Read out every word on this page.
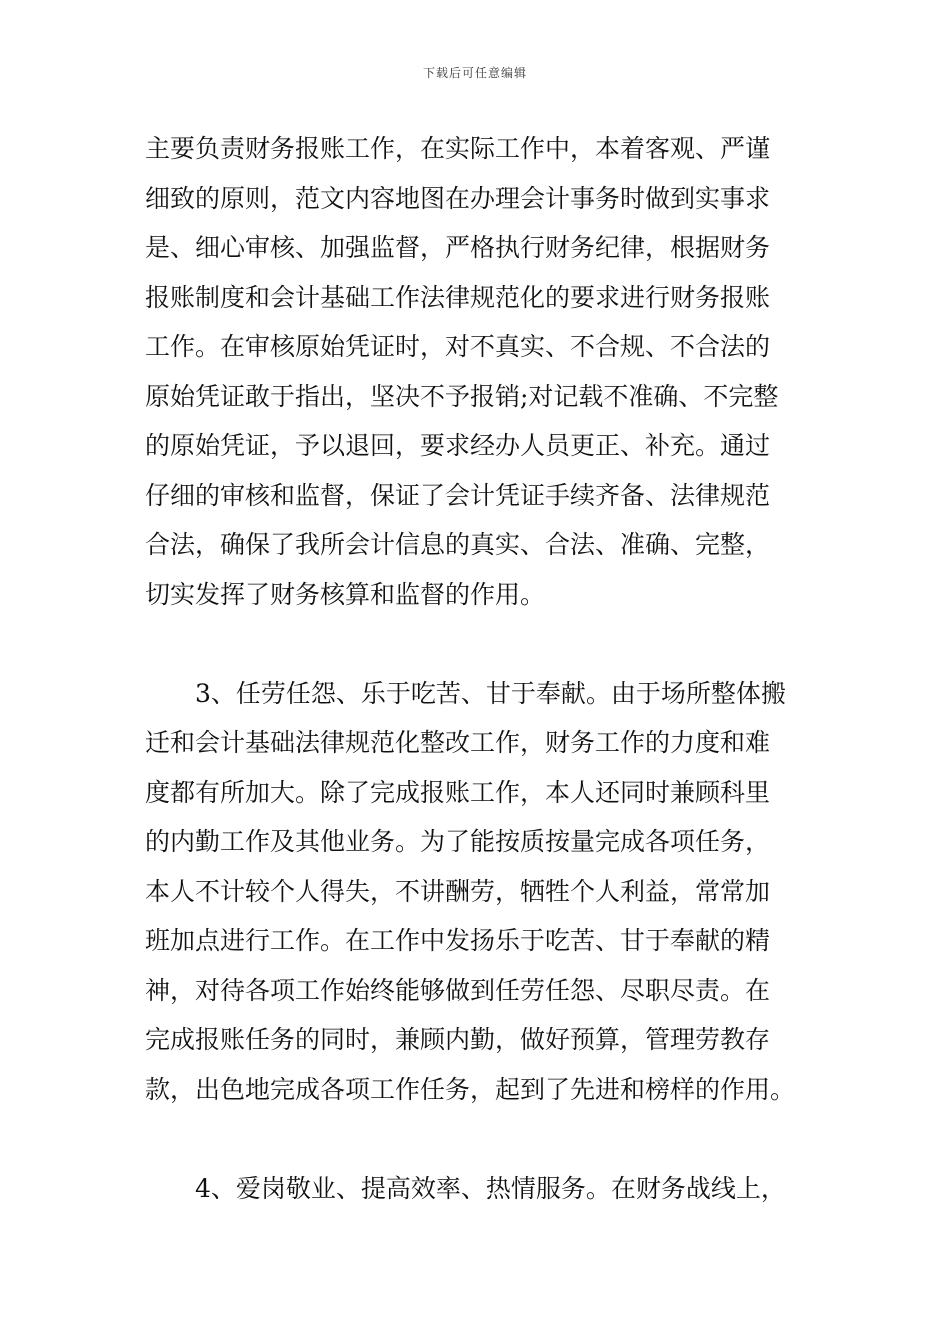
下载后可任意编辑
主要负责财务报账工作，在实际工作中，本着客观、严谨
细致的原则，范文内容地图在办理会计事务时做到实事求
是、细心审核、加强监督，严格执行财务纪律，根据财务
报账制度和会计基础工作法律规范化的要求进行财务报账
工作。在审核原始凭证时，对不真实、不合规、不合法的
原始凭证敢于指出，坚决不予报销;对记载不准确、不完整
的原始凭证，予以退回，要求经办人员更正、补充。通过
仔细的审核和监督，保证了会计凭证手续齐备、法律规范
合法，确保了我所会计信息的真实、合法、准确、完整，
切实发挥了财务核算和监督的作用。
3、任劳任怨、乐于吃苦、甘于奉献。由于场所整体搬
迁和会计基础法律规范化整改工作，财务工作的力度和难
度都有所加大。除了完成报账工作，本人还同时兼顾科里
的内勤工作及其他业务。为了能按质按量完成各项任务，
本人不计较个人得失，不讲酬劳，牺牲个人利益，常常加
班加点进行工作。在工作中发扬乐于吃苦、甘于奉献的精
神，对待各项工作始终能够做到任劳任怨、尽职尽责。在
完成报账任务的同时，兼顾内勤，做好预算，管理劳教存
款，出色地完成各项工作任务，起到了先进和榜样的作用。
4、爱岗敬业、提高效率、热情服务。在财务战线上，
